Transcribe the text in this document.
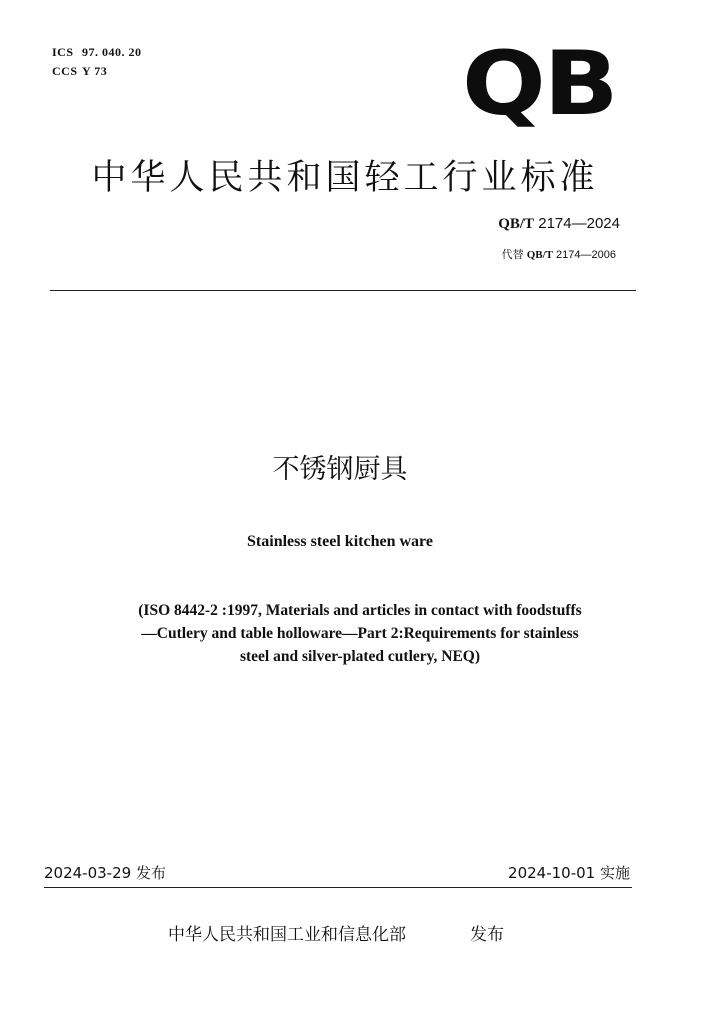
ICS 97. 040. 20
CCS Y 73	QB
中华人民共和国轻工行业标准
QB/T 2174—2024
代替 QB/T 2174—2006
不锈钢厨具
Stainless steel kitchen ware
(ISO 8442-2 :1997, Materials and articles in contact with foodstuffs
—Cutlery and table holloware—Part 2:Requirements for stainless
steel and silver-plated cutlery, NEQ)
2024-03-29 发布	2024-10-01 实施
中华人民共和国工业和信息化部	发布
